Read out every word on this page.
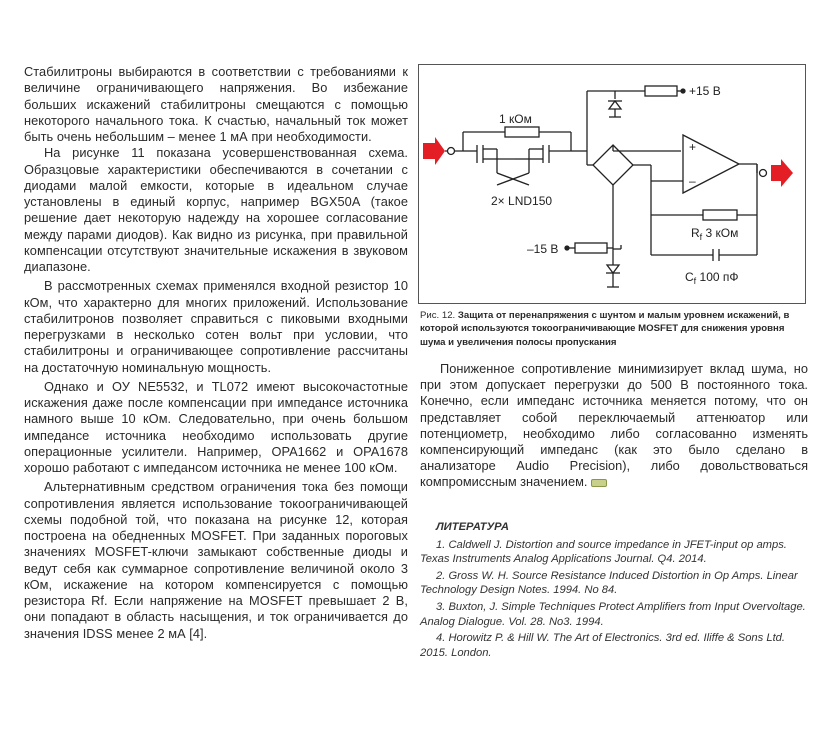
Стабилитроны выбираются в соответствии с требованиями к величине ограничивающего напряжения. Во избежание больших искажений стабилитроны смещаются с помощью некоторого начального тока. К счастью, начальный ток может быть очень небольшим – менее 1 мА при необходимости.

На рисунке 11 показана усовершенствованная схема. Образцовые характеристики обеспечиваются в сочетании с диодами малой емкости, которые в идеальном случае установлены в единый корпус, например BGX50A (такое решение дает некоторую надежду на хорошее согласование между парами диодов). Как видно из рисунка, при правильной компенсации отсутствуют значительные искажения в звуковом диапазоне.

В рассмотренных схемах применялся входной резистор 10 кОм, что характерно для многих приложений. Использование стабилитронов позволяет справиться с пиковыми входными перегрузками в несколько сотен вольт при условии, что стабилитроны и ограничивающее сопротивление рассчитаны на достаточную номинальную мощность.

Однако и ОУ NE5532, и TL072 имеют высокочастотные искажения даже после компенсации при импедансе источника намного выше 10 кОм. Следовательно, при очень большом импедансе источника необходимо использовать другие операционные усилители. Например, OPA1662 и OPA1678 хорошо работают с импедансом источника не менее 100 кОм.

Альтернативным средством ограничения тока без помощи сопротивления является использование токоограничивающей схемы подобной той, что показана на рисунке 12, которая построена на обедненных MOSFET. При заданных пороговых значениях MOSFET-ключи замыкают собственные диоды и ведут себя как суммарное сопротивление величиной около 3 кОм, искажение на котором компенсируется с помощью резистора Rf. Если напряжение на MOSFET превышает 2 В, они попадают в область насыщения, и ток ограничивается до значения IDSS менее 2 мА [4].

1 кОм
+15 В
–15 В
2× LND150
+
–
$R_f$ 3 кОм
$C_f$ 100 пФ
Рис. 12. Защита от перенапряжения с шунтом и малым уровнем искажений, в которой используются токоограничивающие MOSFET для снижения уровня шума и увеличения полосы пропускания

Пониженное сопротивление минимизирует вклад шума, но при этом допускает перегрузки до 500 В постоянного тока. Конечно, если импеданс источника меняется потому, что он представляет собой переключаемый аттенюатор или потенциометр, необходимо либо согласованно изменять компенсирующий импеданс (как это было сделано в анализаторе Audio Precision), либо довольствоваться компромиссным значением.

ЛИТЕРАТУРА

1. Caldwell J. Distortion and source impedance in JFET-input op amps. Texas Instruments Analog Applications Journal. Q4. 2014.

2. Gross W. H. Source Resistance Induced Distortion in Op Amps. Linear Technology Design Notes. 1994. No 84.

3. Buxton, J. Simple Techniques Protect Amplifiers from Input Overvoltage. Analog Dialogue. Vol. 28. No3. 1994.

4. Horowitz P. & Hill W. The Art of Electronics. 3rd ed. Iliffe & Sons Ltd. 2015. London.
